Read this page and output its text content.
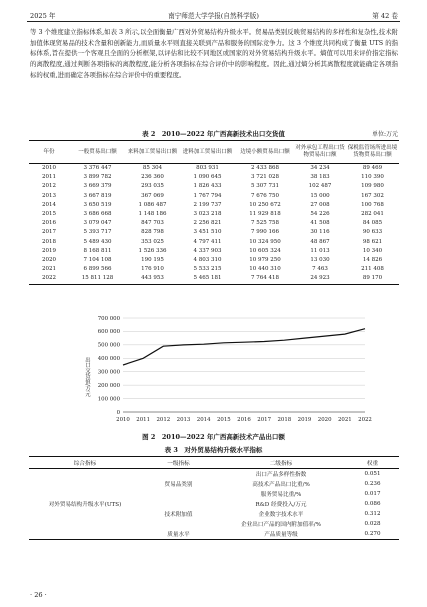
2025 年	南宁师范大学学报(自然科学版)	第 42 卷
等 3 个维度建立指标体系,如表 3 所示,以全面衡量广西对外贸易结构升级水平。贸易品类别反映贸易结构的多样性和复杂性,技术附加值体现贸易品的技术含量和创新能力,而质量水平则直接关联到产品和服务的国际竞争力。这 3 个维度共同构成了衡量 UTS 的指标体系,旨在提供一个客观且全面的分析框架,以评估和比较不同地区或国家的对外贸易结构升级水平。熵值可以用来评价指定指标的离散程度,通过判断各项指标的离散程度,能分析各项指标在综合评价中的影响程度。因此,通过熵分析其离散程度就能确定各项指标的权重,进而确定各项指标在综合评价中的重要程度。
表 2　2010—2022 年广西高新技术出口交货值	单位:万元
年份	一般贸易出口额	来料加工贸易出口额	进料加工贸易出口额	边境小额贸易出口额	对外承包工程出口货物贸易出口额	保税监管场所进出境货物贸易出口额
2010	3 376 447	85 304	803 931	2 433 868	34 234	89 469
2011	3 899 782	236 360	1 090 645	3 721 028	38 183	110 390
2012	3 669 379	293 035	1 826 433	5 307 731	102 487	109 980
2013	3 667 819	367 069	1 767 794	7 676 750	15 000	167 302
2014	3 650 519	1 086 487	2 199 737	10 250 672	27 008	100 768
2015	3 686 668	1 148 186	3 023 218	11 929 818	54 226	282 041
2016	3 079 047	847 703	2 256 821	7 525 758	41 508	84 085
2017	5 393 717	828 798	3 451 510	7 990 166	30 116	90 633
2018	5 489 430	353 025	4 797 411	10 324 950	48 867	98 621
2019	8 168 811	1 526 336	4 337 903	10 605 324	11 013	10 340
2020	7 104 108	190 195	4 803 310	10 979 250	13 030	14 826
2021	6 899 566	176 910	5 533 215	10 440 310	7 463	211 408
2022	15 811 128	443 953	5 465 181	7 764 418	24 923	89 170
0
100 000
200 000
300 000
400 000
500 000
600 000
700 000
2010 2011 2012 2013 2014 2015 2016 2017 2018 2019 2020 2021 2022
出口交货值/万元
图 2　2010—2022 年广西高新技术产品出口额
表 3　对外贸易结构升级水平指标
综合指标	一级指标	二级指标	权重
对外贸易结构升级水平(UTS)	贸易品类别	出口产品多样性指数	0.051
		高技术产品出口比重/%	0.236
		服务贸易比重/%	0.017
	技术附加值	R&D 经费投入/万元	0.086
		企业数字技术水平	0.312
		企业出口产品的国内附加值率/%	0.028
	质量水平	产品质量等级	0.270
· 26 ·
